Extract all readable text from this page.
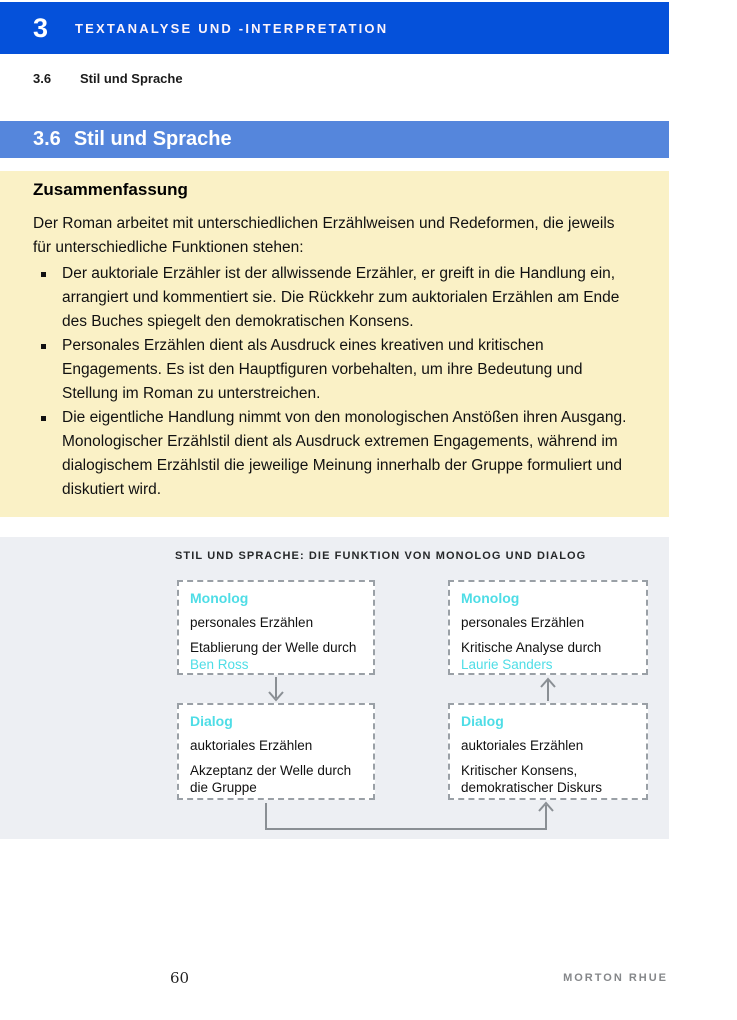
3 TEXTANALYSE UND -INTERPRETATION
3.6	Stil und Sprache
3.6 Stil und Sprache
Zusammenfassung

Der Roman arbeitet mit unterschiedlichen Erzählweisen und Redeformen, die jeweils für unterschiedliche Funktionen stehen:

Der auktoriale Erzähler ist der allwissende Erzähler, er greift in die Handlung ein, arrangiert und kommentiert sie. Die Rückkehr zum auktorialen Erzählen am Ende des Buches spiegelt den demokratischen Konsens.
Personales Erzählen dient als Ausdruck eines kreativen und kritischen Engagements. Es ist den Hauptfiguren vorbehalten, um ihre Bedeutung und Stellung im Roman zu unterstreichen.
Die eigentliche Handlung nimmt von den monologischen Anstößen ihren Ausgang. Monologischer Erzählstil dient als Ausdruck extremen Engagements, während im dialogischem Erzählstil die jeweilige Meinung innerhalb der Gruppe formuliert und diskutiert wird.
STIL UND SPRACHE: DIE FUNKTION VON MONOLOG UND DIALOG
Monolog
personales Erzählen
Etablierung der Welle durch
Ben Ross
Monolog
personales Erzählen
Kritische Analyse durch
Laurie Sanders
Dialog
auktoriales Erzählen
Akzeptanz der Welle durch die Gruppe
Dialog
auktoriales Erzählen
Kritischer Konsens, demokratischer Diskurs
60	MORTON RHUE
